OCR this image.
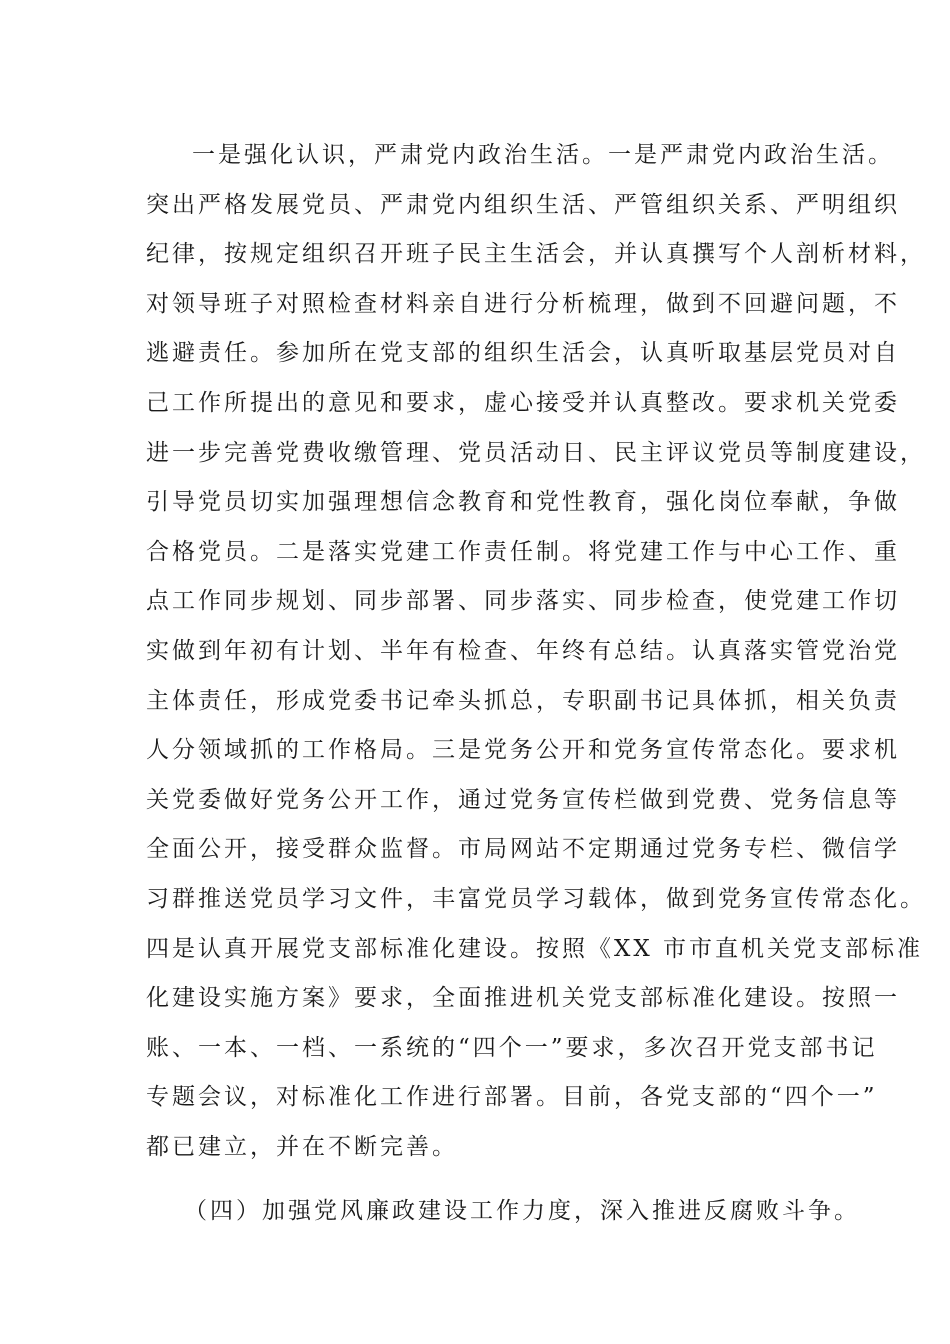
一是强化认识，严肃党内政治生活。一是严肃党内政治生活。
突出严格发展党员、严肃党内组织生活、严管组织关系、严明组织
纪律，按规定组织召开班子民主生活会，并认真撰写个人剖析材料，
对领导班子对照检查材料亲自进行分析梳理，做到不回避问题，不
逃避责任。参加所在党支部的组织生活会，认真听取基层党员对自
己工作所提出的意见和要求，虚心接受并认真整改。要求机关党委
进一步完善党费收缴管理、党员活动日、民主评议党员等制度建设，
引导党员切实加强理想信念教育和党性教育，强化岗位奉献，争做
合格党员。二是落实党建工作责任制。将党建工作与中心工作、重
点工作同步规划、同步部署、同步落实、同步检查，使党建工作切
实做到年初有计划、半年有检查、年终有总结。认真落实管党治党
主体责任，形成党委书记牵头抓总，专职副书记具体抓，相关负责
人分领域抓的工作格局。三是党务公开和党务宣传常态化。要求机
关党委做好党务公开工作，通过党务宣传栏做到党费、党务信息等
全面公开，接受群众监督。市局网站不定期通过党务专栏、微信学
习群推送党员学习文件，丰富党员学习载体，做到党务宣传常态化。
四是认真开展党支部标准化建设。按照《XX 市市直机关党支部标准
化建设实施方案》要求，全面推进机关党支部标准化建设。按照一
账、一本、一档、一系统的“四个一”要求，多次召开党支部书记
专题会议，对标准化工作进行部署。目前，各党支部的“四个一”
都已建立，并在不断完善。
（四）加强党风廉政建设工作力度，深入推进反腐败斗争。
